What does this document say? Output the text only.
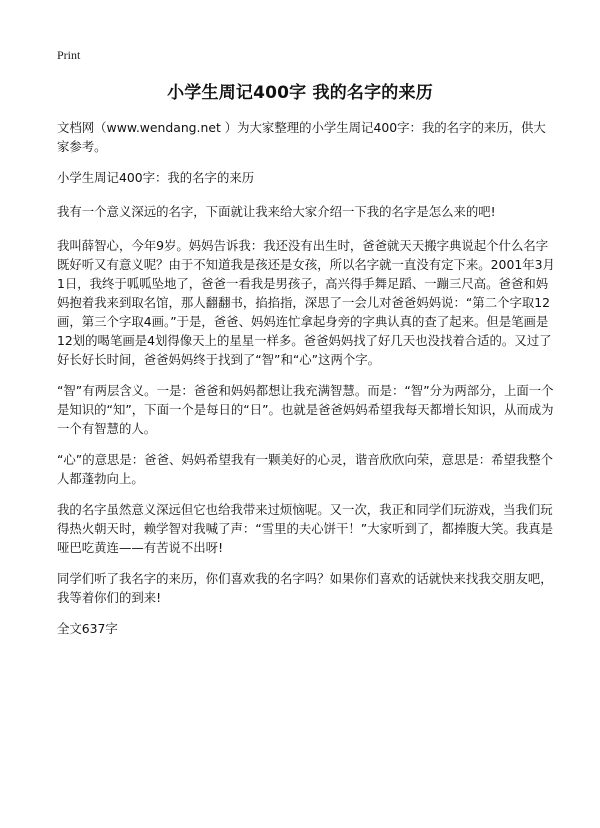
Print
小学生周记400字 我的名字的来历

文档网（www.wendang.net ）为大家整理的小学生周记400字：我的名字的来历，供大家参考。

小学生周记400字：我的名字的来历

我有一个意义深远的名字，下面就让我来给大家介绍一下我的名字是怎么来的吧!

我叫薛智心，今年9岁。妈妈告诉我：我还没有出生时，爸爸就天天搬字典说起个什么名字既好听又有意义呢？由于不知道我是孩还是女孩，所以名字就一直没有定下来。2001年3月1日，我终于呱呱坠地了，爸爸一看我是男孩子，高兴得手舞足蹈、一蹦三尺高。爸爸和妈妈抱着我来到取名馆，那人翻翻书，掐掐指，深思了一会儿对爸爸妈妈说：“第二个字取12画，第三个字取4画。”于是，爸爸、妈妈连忙拿起身旁的字典认真的查了起来。但是笔画是12划的喝笔画是4划得像天上的星星一样多。爸爸妈妈找了好几天也没找着合适的。又过了好长好长时间，爸爸妈妈终于找到了“智”和“心”这两个字。

“智”有两层含义。一是：爸爸和妈妈都想让我充满智慧。而是：“智”分为两部分，上面一个是知识的“知”，下面一个是每日的“日”。也就是爸爸妈妈希望我每天都增长知识，从而成为一个有智慧的人。

“心”的意思是：爸爸、妈妈希望我有一颗美好的心灵，谐音欣欣向荣，意思是：希望我整个人都蓬勃向上。

我的名字虽然意义深远但它也给我带来过烦恼呢。又一次，我正和同学们玩游戏，当我们玩得热火朝天时，赖学智对我喊了声：“雪里的夫心饼干！”大家听到了，都捧腹大笑。我真是哑巴吃黄连——有苦说不出呀!

同学们听了我名字的来历，你们喜欢我的名字吗？如果你们喜欢的话就快来找我交朋友吧，我等着你们的到来!

全文637字
